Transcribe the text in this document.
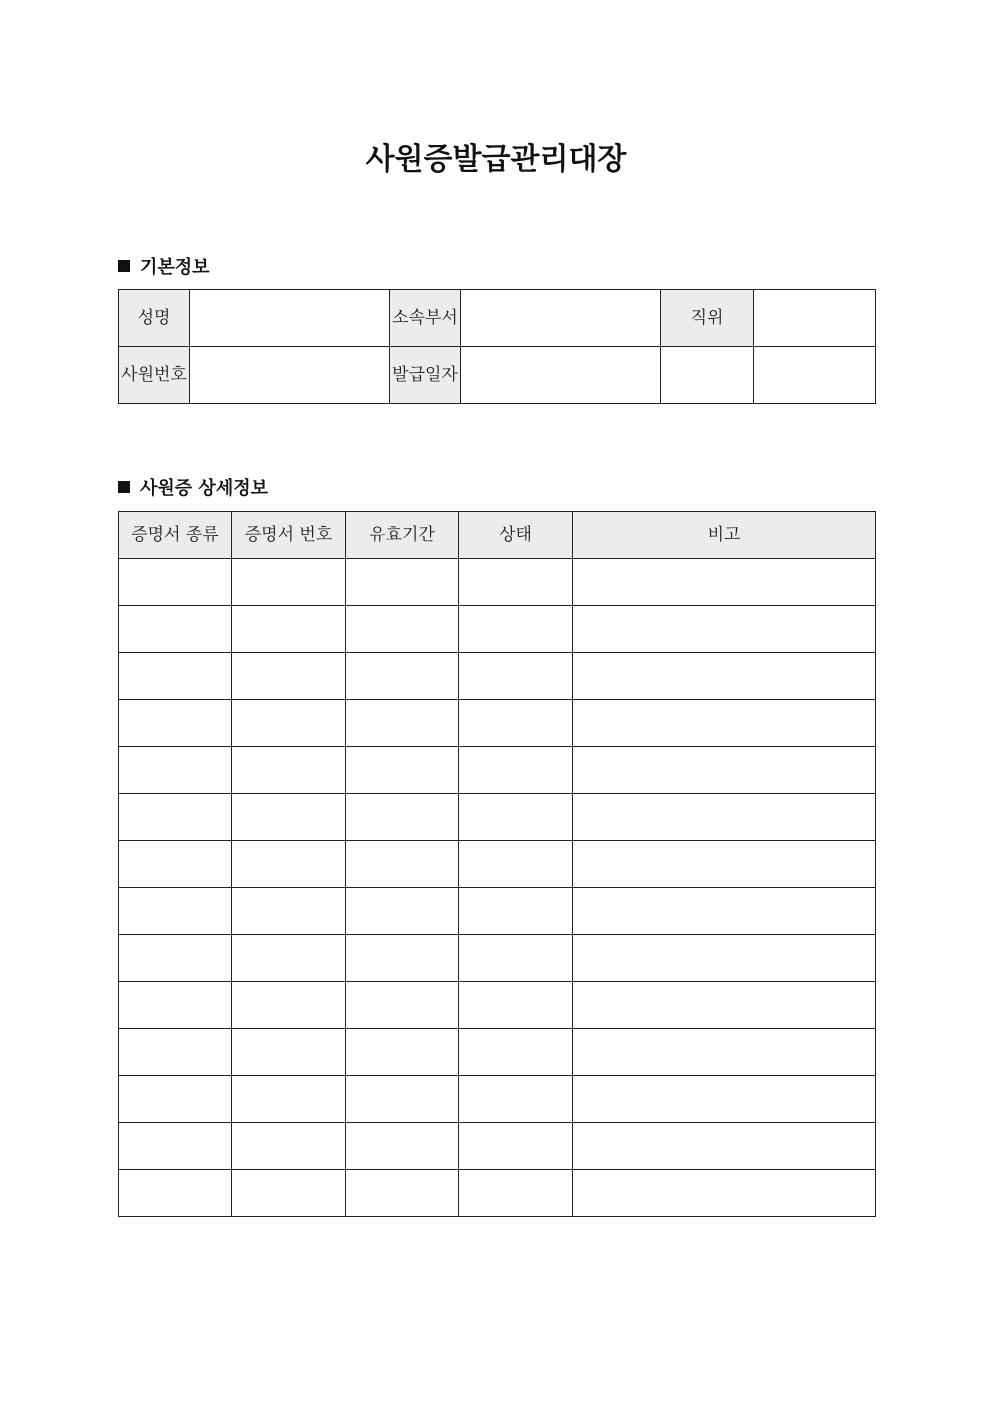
사원증발급관리대장
기본정보
성명		소속부서		직위	
사원번호		발급일자			
사원증 상세정보
증명서 종류	증명서 번호	유효기간	상태	비고
